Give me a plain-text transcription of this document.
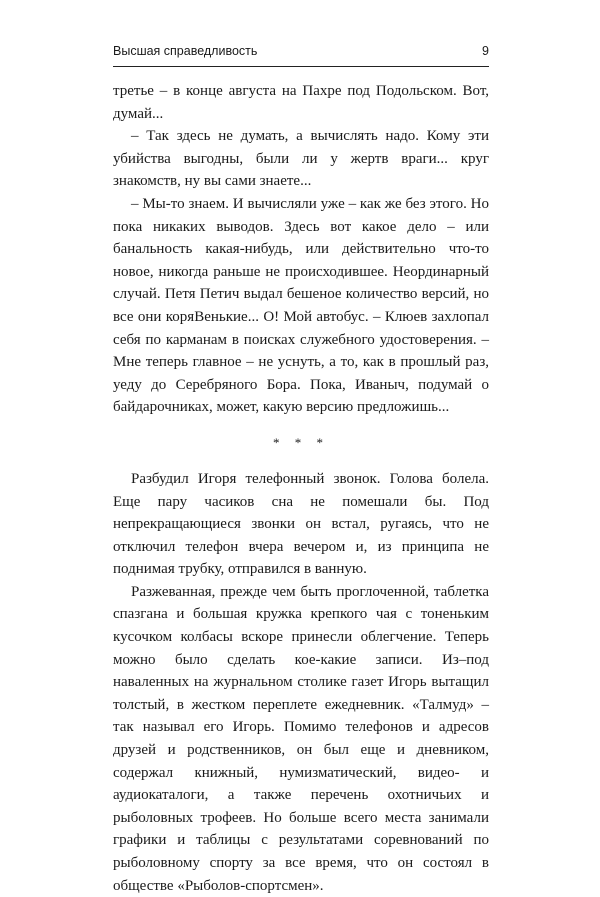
Высшая справедливость	9

третье – в конце августа на Пахре под Подольском. Вот, думай...

– Так здесь не думать, а вычислять надо. Кому эти убийства выгодны, были ли у жертв враги... круг знакомств, ну вы сами знаете...

– Мы-то знаем. И вычисляли уже – как же без этого. Но пока никаких выводов. Здесь вот какое дело – или банальность какая-нибудь, или действительно что-то новое, никогда раньше не происходившее. Неординарный случай. Петя Петич выдал бешеное количество версий, но все они коряВенькие... О! Мой автобус. – Клюев захлопал себя по карманам в поисках служебного удостоверения. – Мне теперь главное – не уснуть, а то, как в прошлый раз, уеду до Серебряного Бора. Пока, Иваныч, подумай о байдарочниках, может, какую версию предложишь...

* * *

Разбудил Игоря телефонный звонок. Голова болела. Еще пару часиков сна не помешали бы. Под непрекращающиеся звонки он встал, ругаясь, что не отключил телефон вчера вечером и, из принципа не поднимая трубку, отправился в ванную.

Разжеванная, прежде чем быть проглоченной, таблетка спазгана и большая кружка крепкого чая с тоненьким кусочком колбасы вскоре принесли облегчение. Теперь можно было сделать кое-какие записи. Из–под наваленных на журнальном столике газет Игорь вытащил толстый, в жестком переплете ежедневник. «Талмуд» – так называл его Игорь. Помимо телефонов и адресов друзей и родственников, он был еще и дневником, содержал книжный, нумизматический, видео- и аудиокаталоги, а также перечень охотничьих и рыболовных трофеев. Но больше всего места занимали графики и таблицы с результатами соревнований по рыболовному спорту за все время, что он состоял в обществе «Рыболов-спортсмен».
